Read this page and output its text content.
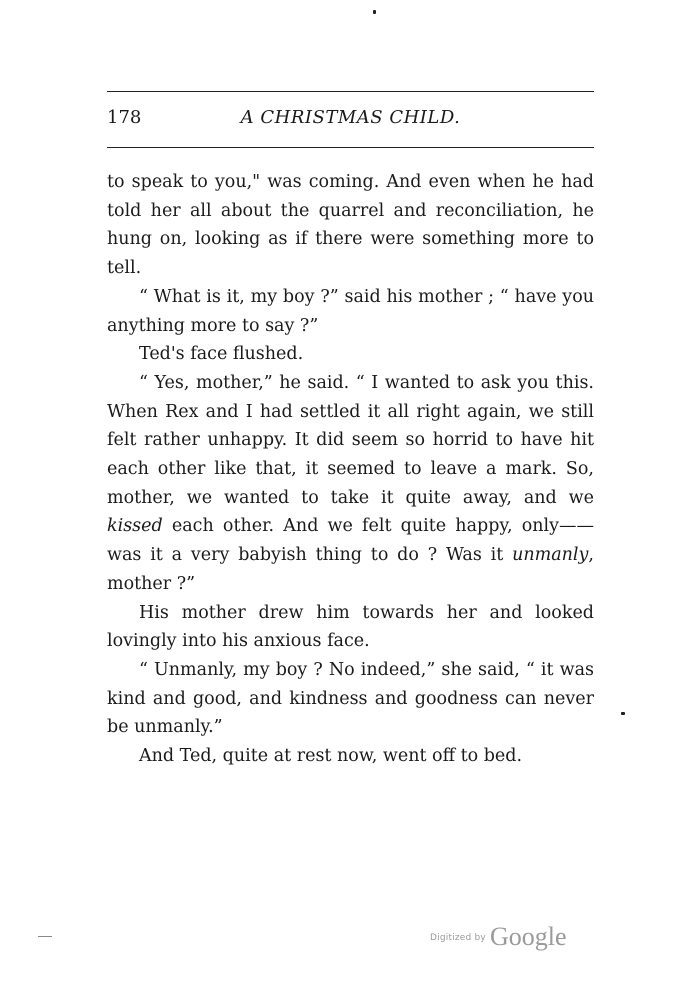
178	A CHRISTMAS CHILD.

to speak to you," was coming. And even when he had told her all about the quarrel and reconciliation, he hung on, looking as if there were something more to tell.

“ What is it, my boy ?” said his mother ; “ have you anything more to say ?”

Ted's face flushed.

“ Yes, mother,” he said. “ I wanted to ask you this. When Rex and I had settled it all right again, we still felt rather unhappy. It did seem so horrid to have hit each other like that, it seemed to leave a mark. So, mother, we wanted to take it quite away, and we kissed each other. And we felt quite happy, only——was it a very babyish thing to do ? Was it unmanly, mother ?”

His mother drew him towards her and looked lovingly into his anxious face.

“ Unmanly, my boy ? No indeed,” she said, “ it was kind and good, and kindness and goodness can never be unmanly.”

And Ted, quite at rest now, went off to bed.

Digitized by Google
